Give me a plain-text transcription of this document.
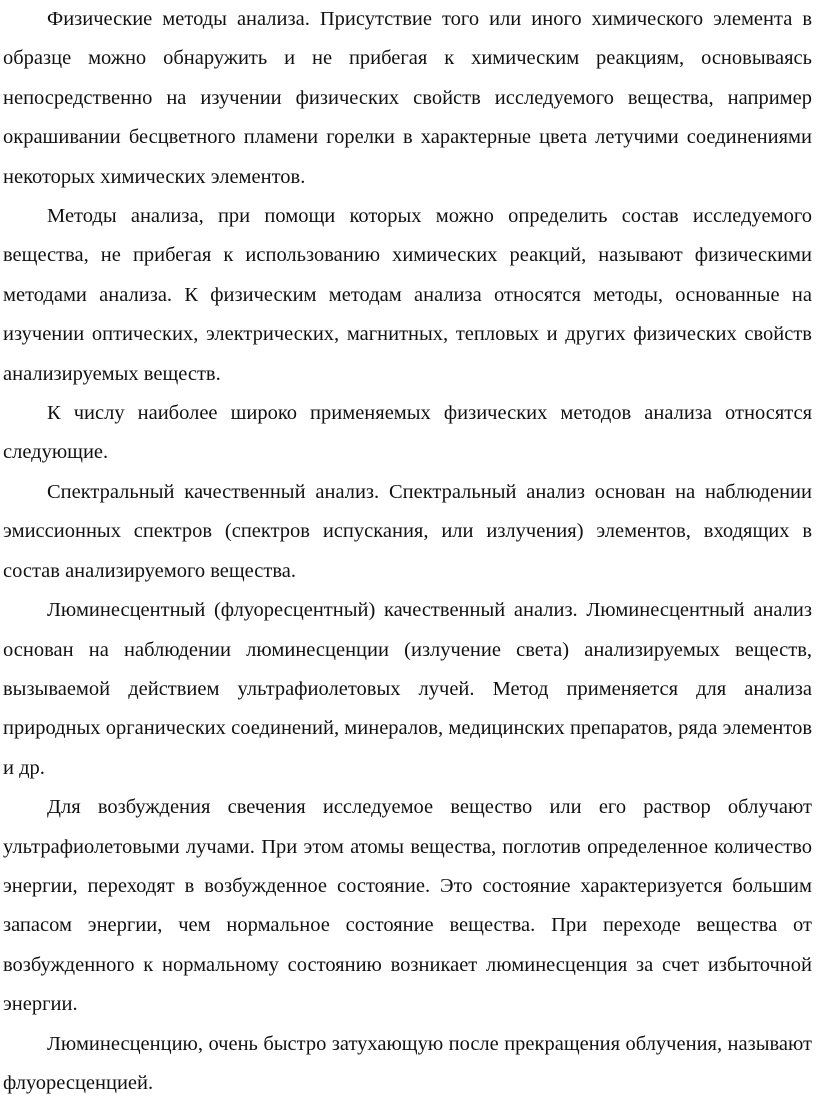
Физические методы анализа. Присутствие того или иного химического элемента в образце можно обнаружить и не прибегая к химическим реакциям, основываясь непосредственно на изучении физических свойств исследуемого вещества, например окрашивании бесцветного пламени горелки в характерные цвета летучими соединениями некоторых химических элементов.

Методы анализа, при помощи которых можно определить состав исследуемого вещества, не прибегая к использованию химических реакций, называют физическими методами анализа. К физическим методам анализа относятся методы, основанные на изучении оптических, электрических, магнитных, тепловых и других физических свойств анализируемых веществ.

К числу наиболее широко применяемых физических методов анализа относятся следующие.

Спектральный качественный анализ. Спектральный анализ основан на наблюдении эмиссионных спектров (спектров испускания, или излучения) элементов, входящих в состав анализируемого вещества.

Люминесцентный (флуоресцентный) качественный анализ. Люминесцентный анализ основан на наблюдении люминесценции (излучение света) анализируемых веществ, вызываемой действием ультрафиолетовых лучей. Метод применяется для анализа природных органических соединений, минералов, медицинских препаратов, ряда элементов и др.

Для возбуждения свечения исследуемое вещество или его раствор облучают ультрафиолетовыми лучами. При этом атомы вещества, поглотив определенное количество энергии, переходят в возбужденное состояние. Это состояние характеризуется большим запасом энергии, чем нормальное состояние вещества. При переходе вещества от возбужденного к нормальному состоянию возникает люминесценция за счет избыточной энергии.

Люминесценцию, очень быстро затухающую после прекращения облучения, называют флуоресценцией.
